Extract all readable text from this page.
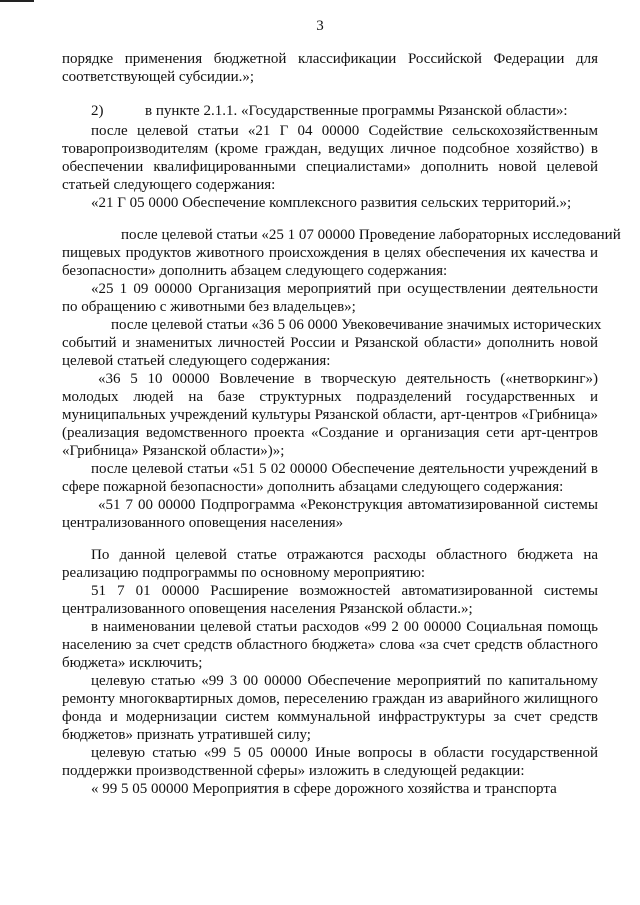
3

порядке применения бюджетной классификации Российской Федерации для

соответствующей субсидии.»;

2)	в пункте 2.1.1. «Государственные программы Рязанской области»:

после целевой статьи «21 Г 04 00000 Содействие сельскохозяйственным

товаропроизводителям (кроме граждан, ведущих личное подсобное хозяйство) в

обеспечении квалифицированными специалистами» дополнить новой целевой

статьей следующего содержания:

«21 Г 05 0000 Обеспечение комплексного развития сельских территорий.»;

после целевой статьи «25 1 07 00000 Проведение лабораторных исследований

пищевых продуктов животного происхождения в целях обеспечения их качества и

безопасности» дополнить абзацем следующего содержания:

«25 1 09 00000 Организация мероприятий при осуществлении деятельности

по обращению с животными без владельцев»;

после целевой статьи «36 5 06 0000 Увековечивание значимых исторических

событий и знаменитых личностей России и Рязанской области» дополнить новой

целевой статьей следующего содержания:

«36 5 10 00000 Вовлечение в творческую деятельность («нетворкинг»)

молодых людей на базе структурных подразделений государственных и

муниципальных учреждений культуры Рязанской области, арт-центров «Грибница»

(реализация ведомственного проекта «Создание и организация сети арт-центров

«Грибница» Рязанской области»)»;

после целевой статьи «51 5 02 00000 Обеспечение деятельности учреждений в

сфере пожарной безопасности» дополнить абзацами следующего содержания:

«51 7 00 00000 Подпрограмма «Реконструкция автоматизированной системы

централизованного оповещения населения»

По данной целевой статье отражаются расходы областного бюджета на

реализацию подпрограммы по основному мероприятию:

51 7 01 00000 Расширение возможностей автоматизированной системы

централизованного оповещения населения Рязанской области.»;

в наименовании целевой статьи расходов «99 2 00 00000 Социальная помощь

населению за счет средств областного бюджета» слова «за счет средств областного

бюджета» исключить;

целевую статью «99 3 00 00000 Обеспечение мероприятий по капитальному

ремонту многоквартирных домов, переселению граждан из аварийного жилищного

фонда и модернизации систем коммунальной инфраструктуры за счет средств

бюджетов» признать утратившей силу;

целевую статью «99 5 05 00000 Иные вопросы в области государственной

поддержки производственной сферы» изложить в следующей редакции:

« 99 5 05 00000 Мероприятия в сфере дорожного хозяйства и транспорта
